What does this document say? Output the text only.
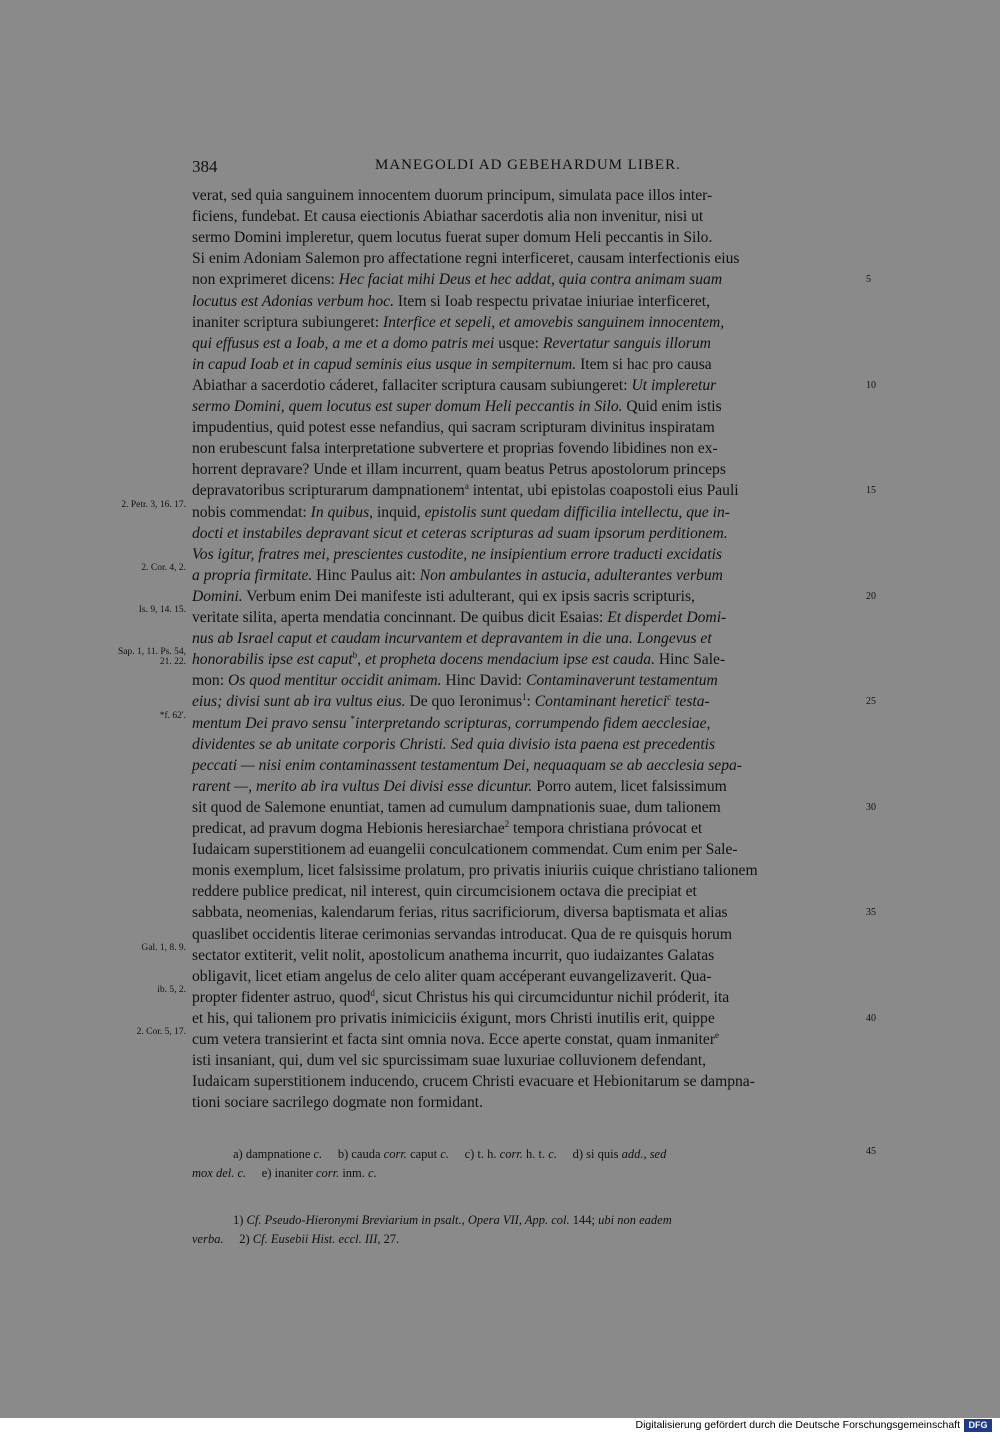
384	MANEGOLDI AD GEBEHARDUM LIBER.
verat, sed quia sanguinem innocentem duorum principum, simulata pace illos inter-
ficiens, fundebat. Et causa eiectionis Abiathar sacerdotis alia non invenitur, nisi ut
sermo Domini impleretur, quem locutus fuerat super domum Heli peccantis in Silo.
Si enim Adoniam Salemon pro affectatione regni interficeret, causam interfectionis eius
non exprimeret dicens: Hec faciat mihi Deus et hec addat, quia contra animam suam
locutus est Adonias verbum hoc. Item si Ioab respectu privatae iniuriae interficeret,
inaniter scriptura subiungeret: Interfice et sepeli, et amovebis sanguinem innocentem,
qui effusus est a Ioab, a me et a domo patris mei usque: Revertatur sanguis illorum
in capud Ioab et in capud seminis eius usque in sempiternum. Item si hac pro causa
Abiathar a sacerdotio cáderet, fallaciter scriptura causam subiungeret: Ut impleretur
sermo Domini, quem locutus est super domum Heli peccantis in Silo. Quid enim istis
impudentius, quid potest esse nefandius, qui sacram scripturam divinitus inspiratam
non erubescunt falsa interpretatione subvertere et proprias fovendo libidines non ex-
horrent depravare? Unde et illam incurrent, quam beatus Petrus apostolorum princeps
depravatoribus scripturarum dampnationem$^a$ intentat, ubi epistolas coapostoli eius Pauli
nobis commendat: In quibus, inquid, epistolis sunt quedam difficilia intellectu, que in-
docti et instabiles depravant sicut et ceteras scripturas ad suam ipsorum perditionem.
Vos igitur, fratres mei, prescientes custodite, ne insipientium errore traducti excidatis
a propria firmitate. Hinc Paulus ait: Non ambulantes in astucia, adulterantes verbum
Domini. Verbum enim Dei manifeste isti adulterant, qui ex ipsis sacris scripturis,
veritate silita, aperta mendatia concinnant. De quibus dicit Esaias: Et disperdet Domi-
nus ab Israel caput et caudam incurvantem et depravantem in die una. Longevus et
honorabilis ipse est caput$^b$, et propheta docens mendacium ipse est cauda. Hinc Sale-
mon: Os quod mentitur occidit animam. Hinc David: Contaminaverunt testamentum
eius; divisi sunt ab ira vultus eius. De quo Ieronimus$^1$: Contaminant heretici$^c$ testa-
mentum Dei pravo sensu *interpretando scripturas, corrumpendo fidem aecclesiae,
dividentes se ab unitate corporis Christi. Sed quia divisio ista paena est precedentis
peccati — nisi enim contaminassent testamentum Dei, nequaquam se ab aecclesia sepa-
rarent —, merito ab ira vultus Dei divisi esse dicuntur. Porro autem, licet falsissimum
sit quod de Salemone enuntiat, tamen ad cumulum dampnationis suae, dum talionem
predicat, ad pravum dogma Hebionis heresiarchae$^2$ tempora christiana próvocat et
Iudaicam superstitionem ad euangelii conculcationem commendat. Cum enim per Sale-
monis exemplum, licet falsissime prolatum, pro privatis iniuriis cuique christiano talionem
reddere publice predicat, nil interest, quin circumcisionem octava die precipiat et
sabbata, neomenias, kalendarum ferias, ritus sacrificiorum, diversa baptismata et alias
quaslibet occidentis literae cerimonias servandas introducat. Qua de re quisquis horum
sectator extiterit, velit nolit, apostolicum anathema incurrit, quo iudaizantes Galatas
obligavit, licet etiam angelus de celo aliter quam accéperant euvangelizaverit. Qua-
propter fidenter astruo, quod$^d$, sicut Christus his qui circumciduntur nichil próderit, ita
et his, qui talionem pro privatis inimiciciis éxigunt, mors Christi inutilis erit, quippe
cum vetera transierint et facta sint omnia nova. Ecce aperte constat, quam inmaniter$^e$
isti insaniant, qui, dum vel sic spurcissimam suae luxuriae colluvionem defendant,
Iudaicam superstitionem inducendo, crucem Christi evacuare et Hebionitarum se dampna-
tioni sociare sacrilego dogmate non formidant.
2. Petr. 3, 16. 17.
2. Cor. 4, 2.
Is. 9, 14. 15.
Sap. 1, 11. Ps. 54, 21. 22.
*f. 62'.
Gal. 1, 8. 9.
ib. 5, 2.
2. Cor. 5, 17.
5
10
15
20
25
30
35
40
45
a) dampnatione c.     b) cauda corr. caput c.     c) t. h. corr. h. t. c.     d) si quis add., sed
mox del. c.     e) inaniter corr. inm. c.
1) Cf. Pseudo-Hieronymi Breviarium in psalt., Opera VII, App. col. 144; ubi non eadem
verba.     2) Cf. Eusebii Hist. eccl. III, 27.
Digitalisierung gefördert durch die Deutsche Forschungsgemeinschaft DFG
